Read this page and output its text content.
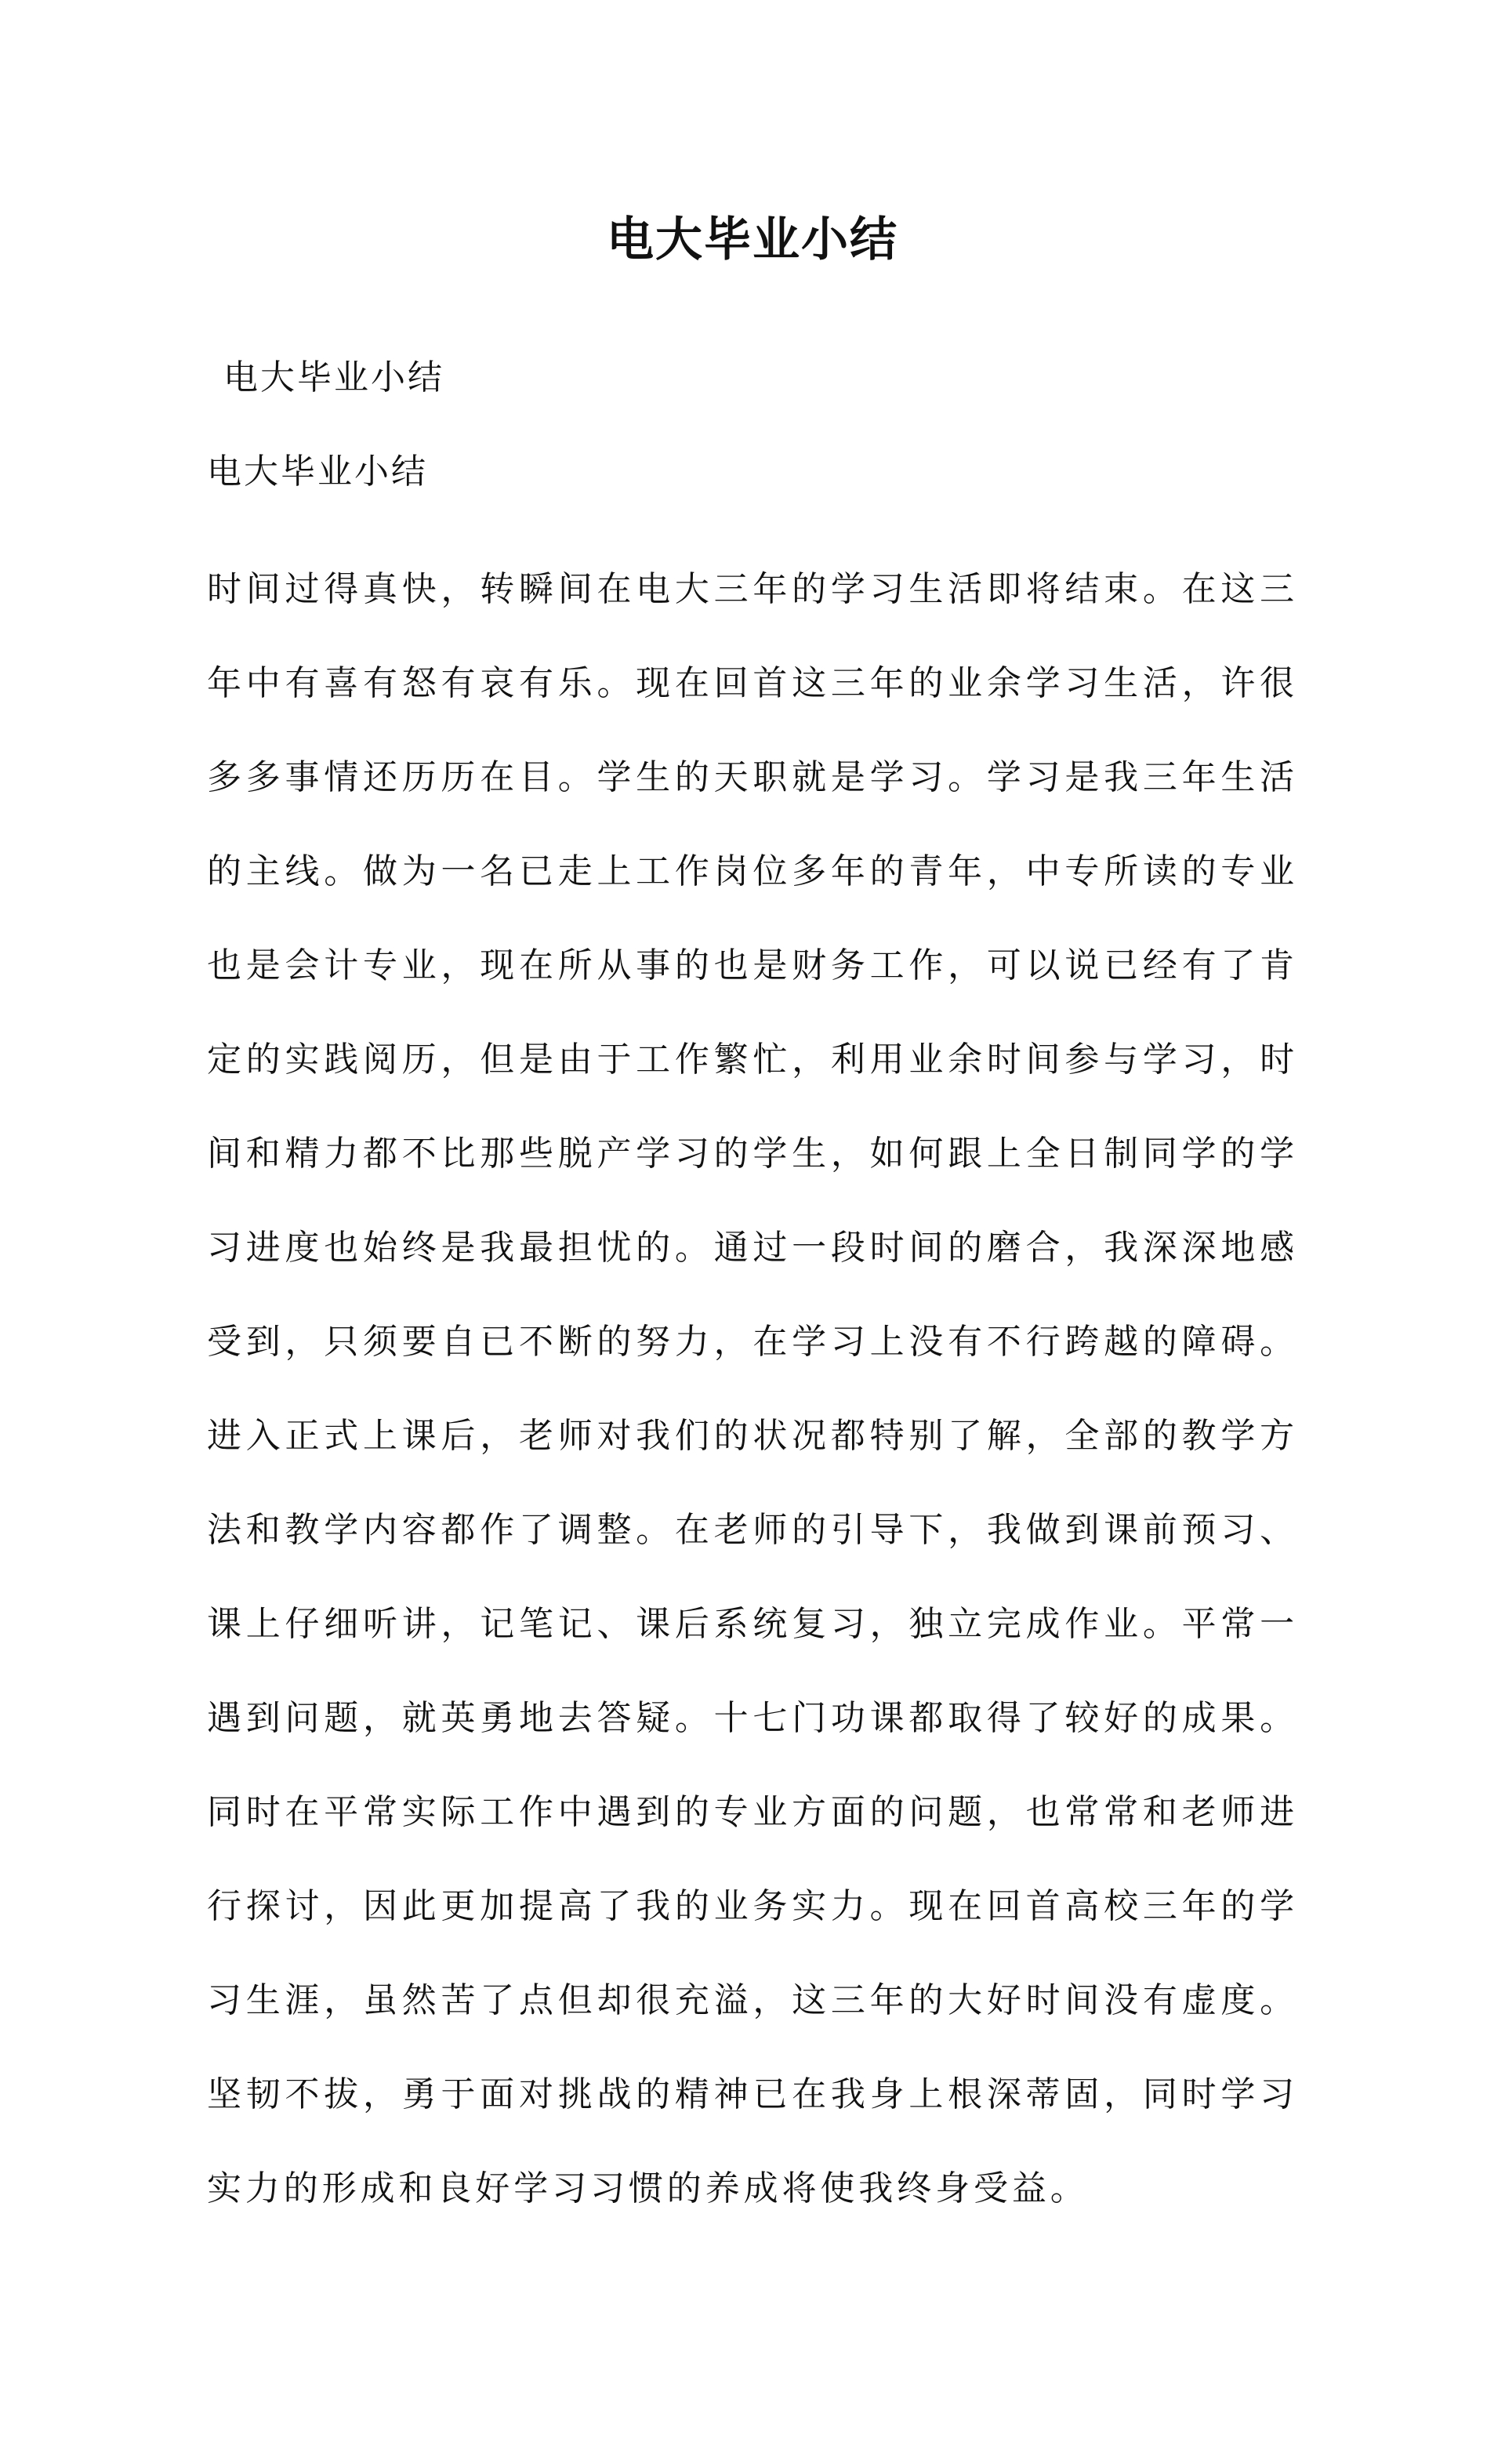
电大毕业小结

电大毕业小结

电大毕业小结

时间过得真快，转瞬间在电大三年的学习生活即将结束。在这三年中有喜有怒有哀有乐。现在回首这三年的业余学习生活，许很多多事情还历历在目。学生的天职就是学习。学习是我三年生活的主线。做为一名已走上工作岗位多年的青年，中专所读的专业也是会计专业，现在所从事的也是财务工作，可以说已经有了肯定的实践阅历，但是由于工作繁忙，利用业余时间参与学习，时间和精力都不比那些脱产学习的学生，如何跟上全日制同学的学习进度也始终是我最担忧的。通过一段时间的磨合，我深深地感受到，只须要自已不断的努力，在学习上没有不行跨越的障碍。进入正式上课后，老师对我们的状况都特别了解，全部的教学方法和教学内容都作了调整。在老师的引导下，我做到课前预习、课上仔细听讲，记笔记、课后系统复习，独立完成作业。平常一遇到问题，就英勇地去答疑。十七门功课都取得了较好的成果。同时在平常实际工作中遇到的专业方面的问题，也常常和老师进行探讨，因此更加提高了我的业务实力。现在回首高校三年的学习生涯，虽然苦了点但却很充溢，这三年的大好时间没有虚度。坚韧不拔，勇于面对挑战的精神已在我身上根深蒂固，同时学习实力的形成和良好学习习惯的养成将使我终身受益。
